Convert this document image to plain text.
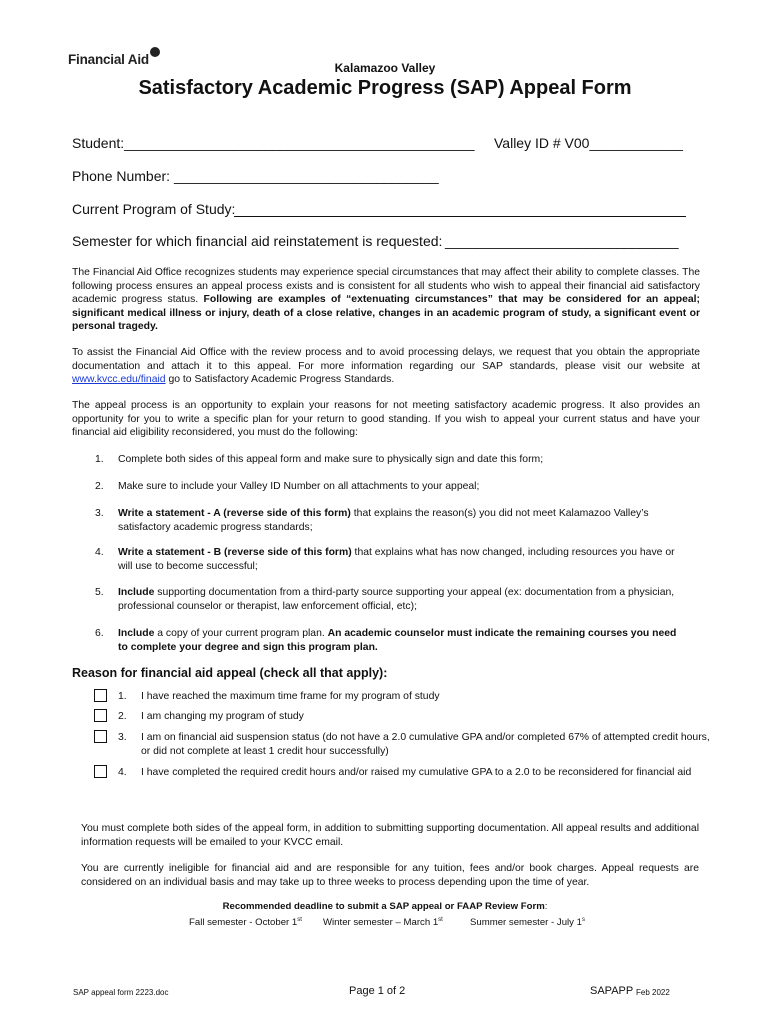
Financial Aid
Kalamazoo Valley
Satisfactory Academic Progress (SAP) Appeal Form
Student:_____________________________________________ Valley ID # V00____________
Phone Number: __________________________________
Current Program of Study:
Semester for which financial aid reinstatement is requested: ______________________________
The Financial Aid Office recognizes students may experience special circumstances that may affect their ability to complete classes. The following process ensures an appeal process exists and is consistent for all students who wish to appeal their financial aid satisfactory academic progress status. Following are examples of “extenuating circumstances” that may be considered for an appeal; significant medical illness or injury, death of a close relative, changes in an academic program of study, a significant event or personal tragedy.
To assist the Financial Aid Office with the review process and to avoid processing delays, we request that you obtain the appropriate documentation and attach it to this appeal. For more information regarding our SAP standards, please visit our website at www.kvcc.edu/finaid go to Satisfactory Academic Progress Standards.
The appeal process is an opportunity to explain your reasons for not meeting satisfactory academic progress. It also provides an opportunity for you to write a specific plan for your return to good standing. If you wish to appeal your current status and have your financial aid eligibility reconsidered, you must do the following:
1.	Complete both sides of this appeal form and make sure to physically sign and date this form;
2.	Make sure to include your Valley ID Number on all attachments to your appeal;
3.	Write a statement - A (reverse side of this form) that explains the reason(s) you did not meet Kalamazoo Valley’s satisfactory academic progress standards;
4.	Write a statement - B (reverse side of this form) that explains what has now changed, including resources you have or will use to become successful;
5.	Include supporting documentation from a third-party source supporting your appeal (ex: documentation from a physician, professional counselor or therapist, law enforcement official, etc);
6.	Include a copy of your current program plan. An academic counselor must indicate the remaining courses you need to complete your degree and sign this program plan.
Reason for financial aid appeal (check all that apply):
1.	I have reached the maximum time frame for my program of study
2.	I am changing my program of study
3.	I am on financial aid suspension status (do not have a 2.0 cumulative GPA and/or completed 67% of attempted credit hours, or did not complete at least 1 credit hour successfully)
4.	I have completed the required credit hours and/or raised my cumulative GPA to a 2.0 to be reconsidered for financial aid
You must complete both sides of the appeal form, in addition to submitting supporting documentation. All appeal results and additional information requests will be emailed to your KVCC email.
You are currently ineligible for financial aid and are responsible for any tuition, fees and/or book charges. Appeal requests are considered on an individual basis and may take up to three weeks to process depending upon the time of year.
Recommended deadline to submit a SAP appeal or FAAP Review Form:
Fall semester - October 1st Winter semester – March 1st	Summer semester - July 1$^s$
SAP appeal form 2223.doc	Page 1 of 2	SAPAPP Feb 2022
